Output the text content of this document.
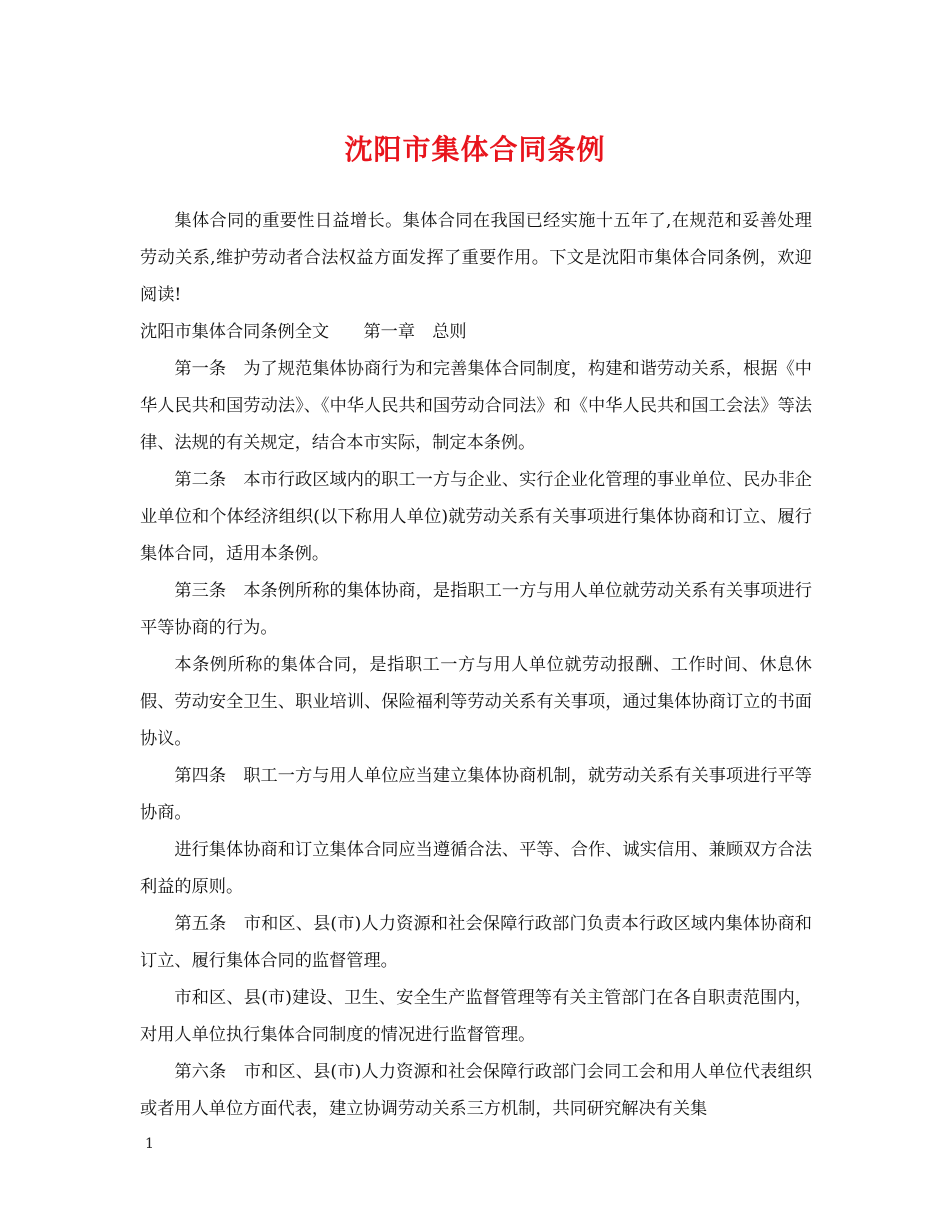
沈阳市集体合同条例

集体合同的重要性日益增长。集体合同在我国已经实施十五年了,在规范和妥善处理劳动关系,维护劳动者合法权益方面发挥了重要作用。下文是沈阳市集体合同条例，欢迎阅读!

沈阳市集体合同条例全文　　第一章　总则

第一条　为了规范集体协商行为和完善集体合同制度，构建和谐劳动关系，根据《中华人民共和国劳动法》、《中华人民共和国劳动合同法》和《中华人民共和国工会法》等法律、法规的有关规定，结合本市实际，制定本条例。

第二条　本市行政区域内的职工一方与企业、实行企业化管理的事业单位、民办非企业单位和个体经济组织(以下称用人单位)就劳动关系有关事项进行集体协商和订立、履行集体合同，适用本条例。

第三条　本条例所称的集体协商，是指职工一方与用人单位就劳动关系有关事项进行平等协商的行为。

本条例所称的集体合同，是指职工一方与用人单位就劳动报酬、工作时间、休息休假、劳动安全卫生、职业培训、保险福利等劳动关系有关事项，通过集体协商订立的书面协议。

第四条　职工一方与用人单位应当建立集体协商机制，就劳动关系有关事项进行平等协商。

进行集体协商和订立集体合同应当遵循合法、平等、合作、诚实信用、兼顾双方合法利益的原则。

第五条　市和区、县(市)人力资源和社会保障行政部门负责本行政区域内集体协商和订立、履行集体合同的监督管理。

市和区、县(市)建设、卫生、安全生产监督管理等有关主管部门在各自职责范围内，对用人单位执行集体合同制度的情况进行监督管理。

第六条　市和区、县(市)人力资源和社会保障行政部门会同工会和用人单位代表组织或者用人单位方面代表，建立协调劳动关系三方机制，共同研究解决有关集

1
